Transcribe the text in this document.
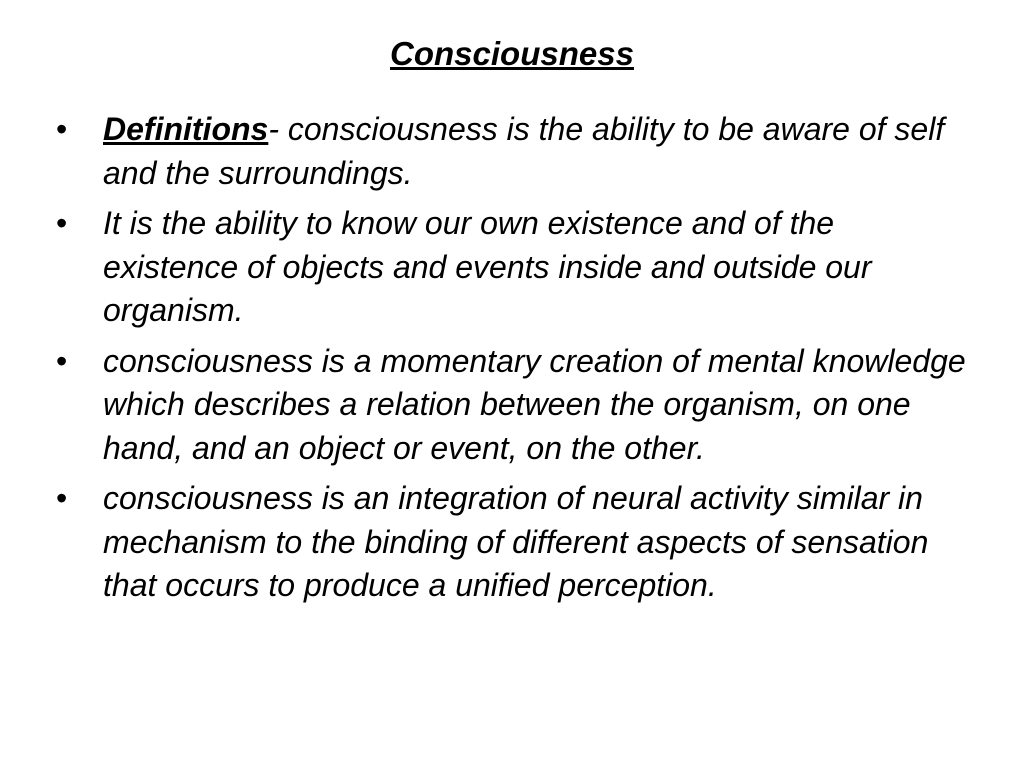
Consciousness
• Definitions- consciousness is the ability to be aware of self and the surroundings.
• It is the ability to know our own existence and of the existence of objects and events inside and outside our organism.
• consciousness is a momentary creation of mental knowledge which describes a relation between the organism, on one hand, and an object or event, on the other.
• consciousness is an integration of neural activity similar in mechanism to the binding of different aspects of sensation that occurs to produce a unified perception.
